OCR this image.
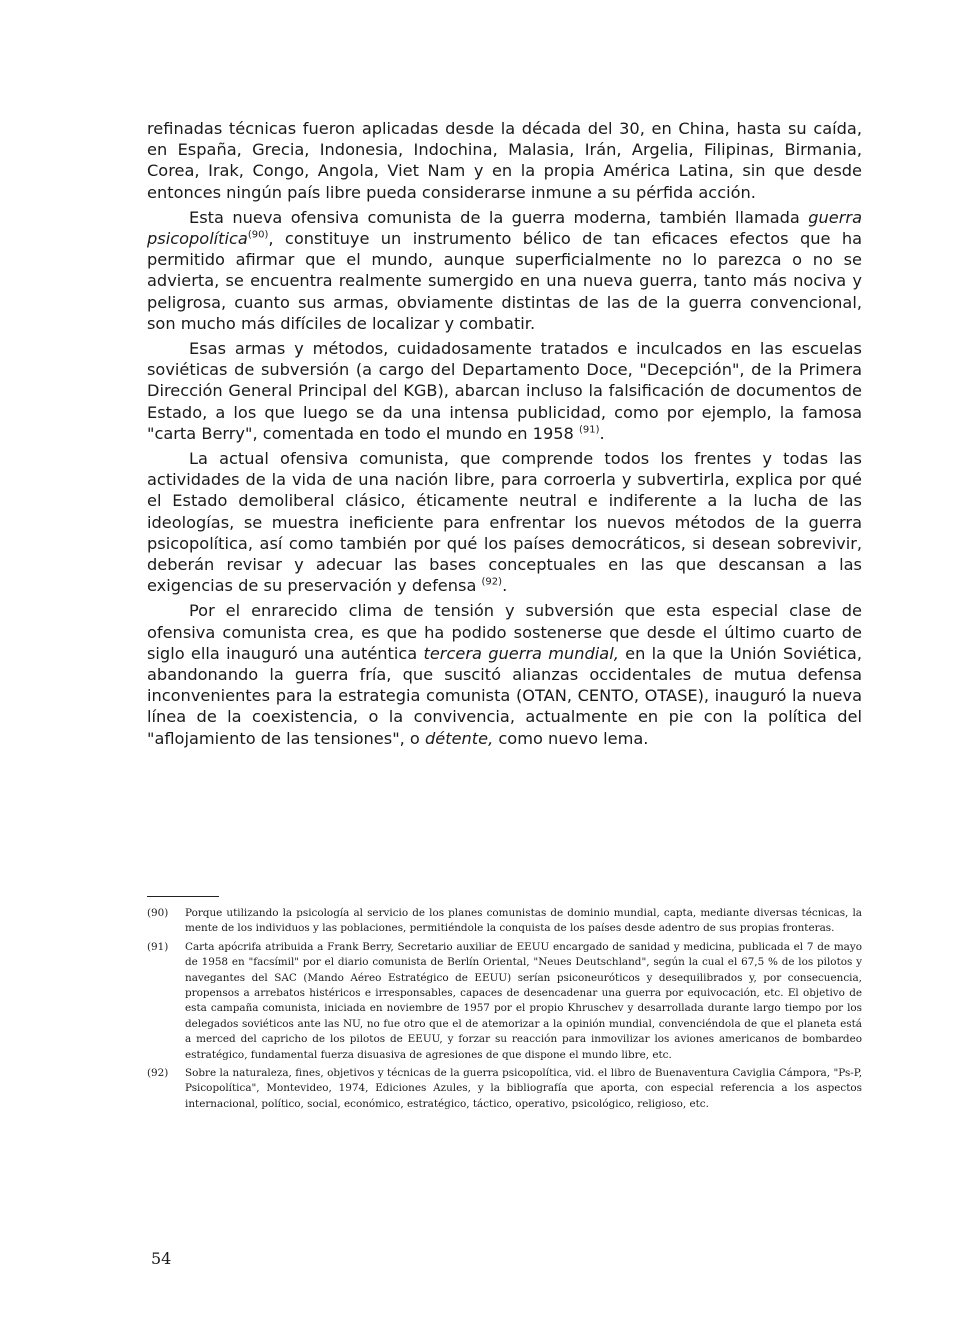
refinadas técnicas fueron aplicadas desde la década del 30, en China, hasta su caída, en España, Grecia, Indonesia, Indochina, Malasia, Irán, Argelia, Filipinas, Birmania, Corea, Irak, Congo, Angola, Viet Nam y en la propia América Latina, sin que desde entonces ningún país libre pueda considerarse inmune a su pérfida acción.

Esta nueva ofensiva comunista de la guerra moderna, también llamada guerra psicopolítica$^{(90)}$, constituye un instrumento bélico de tan eficaces efectos que ha permitido afirmar que el mundo, aunque superficialmente no lo parezca o no se advierta, se encuentra realmente sumergido en una nueva guerra, tanto más nociva y peligrosa, cuanto sus armas, obviamente distintas de las de la guerra convencional, son mucho más difíciles de localizar y combatir.

Esas armas y métodos, cuidadosamente tratados e inculcados en las escuelas soviéticas de subversión (a cargo del Departamento Doce, "Decepción", de la Primera Dirección General Principal del KGB), abarcan incluso la falsificación de documentos de Estado, a los que luego se da una intensa publicidad, como por ejemplo, la famosa "carta Berry", comentada en todo el mundo en 1958 $^{(91)}$.

La actual ofensiva comunista, que comprende todos los frentes y todas las actividades de la vida de una nación libre, para corroerla y subvertirla, explica por qué el Estado demoliberal clásico, éticamente neutral e indiferente a la lucha de las ideologías, se muestra ineficiente para enfrentar los nuevos métodos de la guerra psicopolítica, así como también por qué los países democráticos, si desean sobrevivir, deberán revisar y adecuar las bases conceptuales en las que descansan a las exigencias de su preservación y defensa $^{(92)}$.

Por el enrarecido clima de tensión y subversión que esta especial clase de ofensiva comunista crea, es que ha podido sostenerse que desde el último cuarto de siglo ella inauguró una auténtica tercera guerra mundial, en la que la Unión Soviética, abandonando la guerra fría, que suscitó alianzas occidentales de mutua defensa inconvenientes para la estrategia comunista (OTAN, CENTO, OTASE), inauguró la nueva línea de la coexistencia, o la convivencia, actualmente en pie con la política del "aflojamiento de las tensiones", o détente, como nuevo lema.

(90)	Porque utilizando la psicología al servicio de los planes comunistas de dominio mundial, capta, mediante diversas técnicas, la mente de los individuos y las poblaciones, permitiéndole la conquista de los países desde adentro de sus propias fronteras.
(91)	Carta apócrifa atribuida a Frank Berry, Secretario auxiliar de EEUU encargado de sanidad y medicina, publicada el 7 de mayo de 1958 en "facsímil" por el diario comunista de Berlín Oriental, "Neues Deutschland", según la cual el 67,5 % de los pilotos y navegantes del SAC (Mando Aéreo Estratégico de EEUU) serían psiconeuróticos y desequilibrados y, por consecuencia, propensos a arrebatos histéricos e irresponsables, capaces de desencadenar una guerra por equivocación, etc. El objetivo de esta campaña comunista, iniciada en noviembre de 1957 por el propio Khruschev y desarrollada durante largo tiempo por los delegados soviéticos ante las NU, no fue otro que el de atemorizar a la opinión mundial, convenciéndola de que el planeta está a merced del capricho de los pilotos de EEUU, y forzar su reacción para inmovilizar los aviones americanos de bombardeo estratégico, fundamental fuerza disuasiva de agresiones de que dispone el mundo libre, etc.
(92)	Sobre la naturaleza, fines, objetivos y técnicas de la guerra psicopolítica, vid. el libro de Buenaventura Caviglia Cámpora, "Ps-P, Psicopolítica", Montevideo, 1974, Ediciones Azules, y la bibliografía que aporta, con especial referencia a los aspectos internacional, político, social, económico, estratégico, táctico, operativo, psicológico, religioso, etc.
54
